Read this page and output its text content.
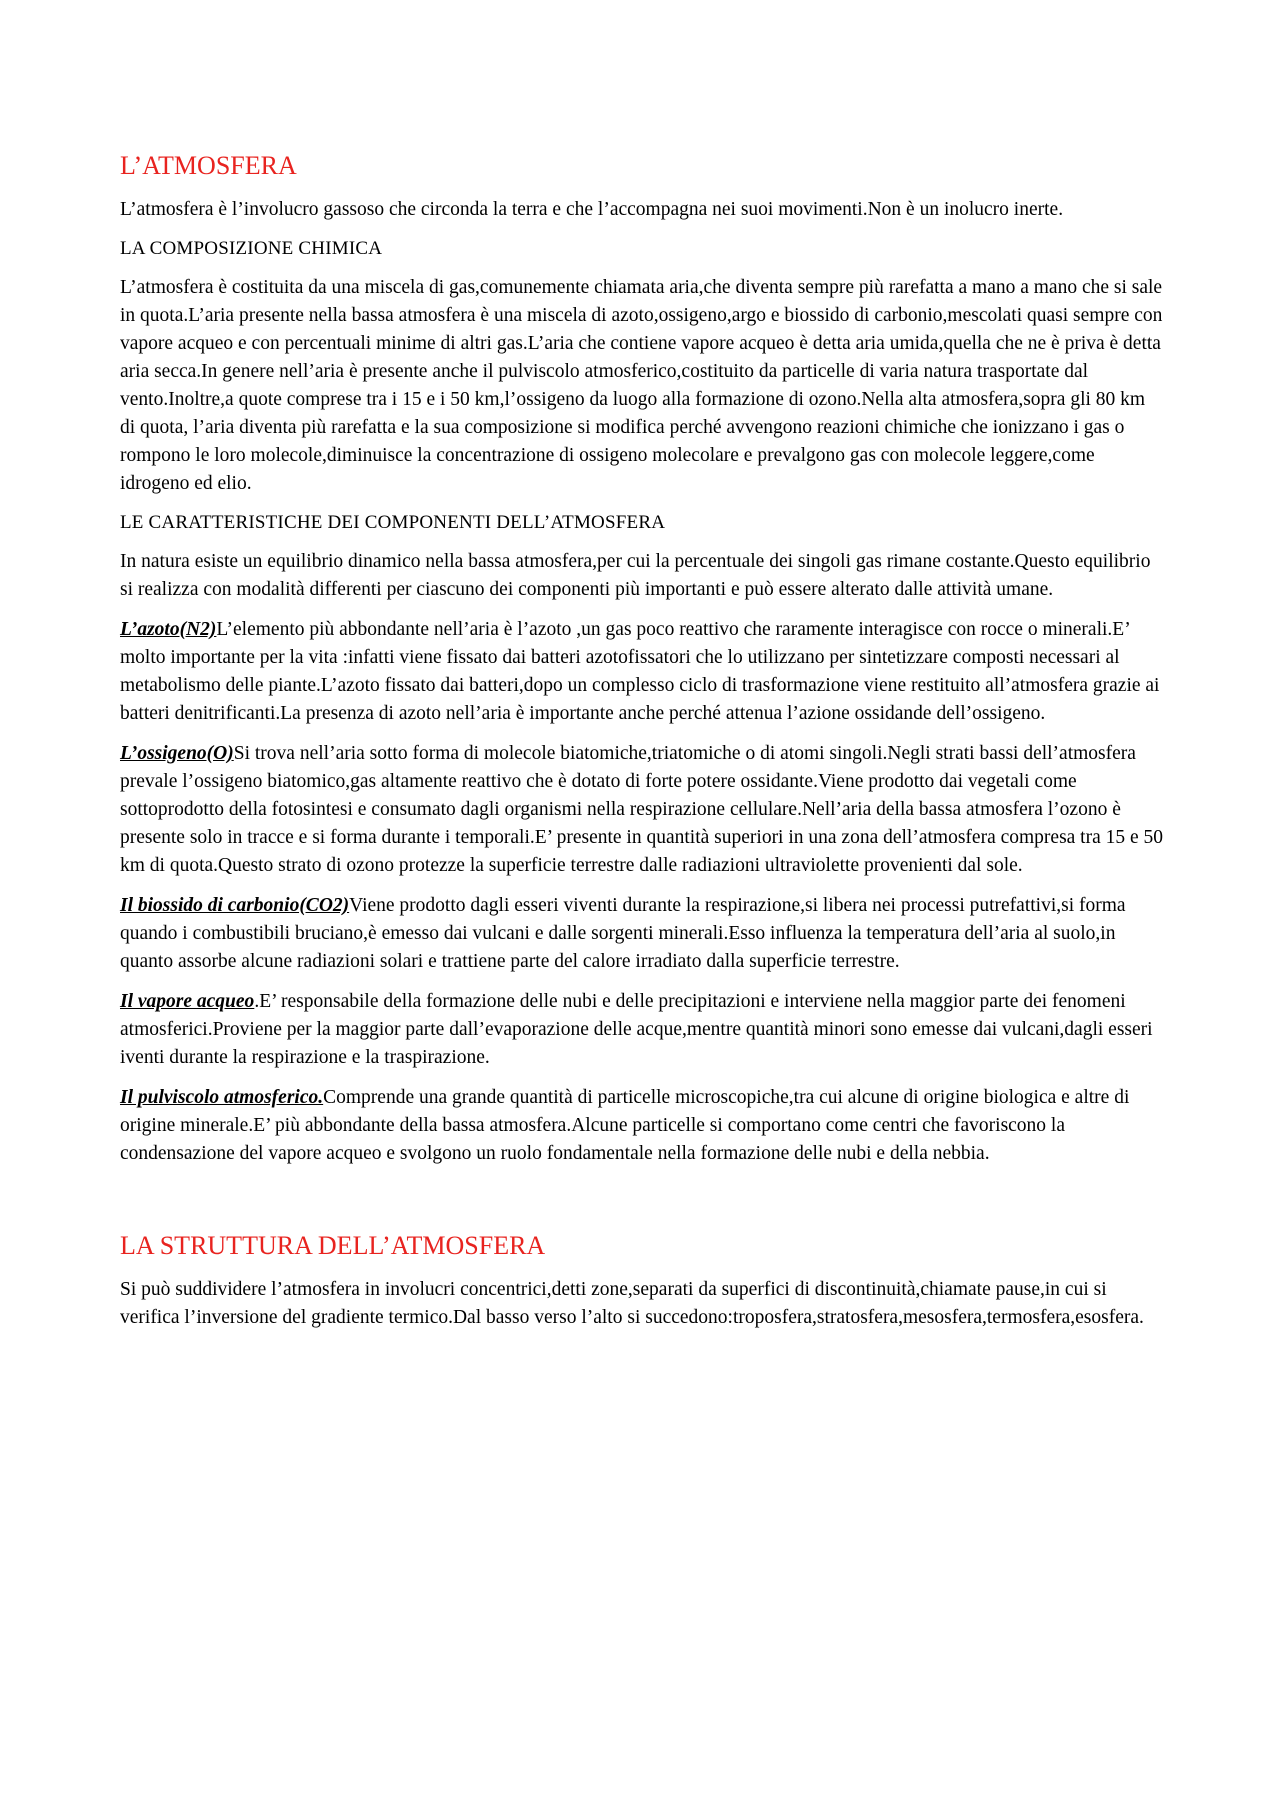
L’ATMOSFERA

L’atmosfera è l’involucro gassoso che circonda la terra e che l’accompagna nei suoi movimenti.Non è un inolucro inerte.

LA COMPOSIZIONE CHIMICA

L’atmosfera è costituita da una miscela di gas,comunemente chiamata aria,che diventa sempre più rarefatta a mano a mano che si sale in quota.L’aria presente nella bassa atmosfera è una miscela di azoto,ossigeno,argo e biossido di carbonio,mescolati quasi sempre con vapore acqueo e con percentuali minime di altri gas.L’aria che contiene vapore acqueo è detta aria umida,quella che ne è priva è detta aria secca.In genere nell’aria è presente anche il pulviscolo atmosferico,costituito da particelle di varia natura trasportate dal vento.Inoltre,a quote comprese tra i 15 e i 50 km,l’ossigeno da luogo alla formazione di ozono.Nella alta atmosfera,sopra gli 80 km di quota, l’aria diventa più rarefatta e la sua composizione si modifica perché avvengono reazioni chimiche che ionizzano i gas o rompono le loro molecole,diminuisce la concentrazione di ossigeno molecolare e prevalgono gas con molecole leggere,come idrogeno ed elio.

LE CARATTERISTICHE DEI COMPONENTI DELL’ATMOSFERA

In natura esiste un equilibrio dinamico nella bassa atmosfera,per cui la percentuale dei singoli gas rimane costante.Questo equilibrio si realizza con modalità differenti per ciascuno dei componenti più importanti e può essere alterato dalle attività umane.

L’azoto(N2)L’elemento più abbondante nell’aria è l’azoto ,un gas poco reattivo che raramente interagisce con rocce o minerali.E’ molto importante per la vita :infatti viene fissato dai batteri azotofissatori che lo utilizzano per sintetizzare composti necessari al metabolismo delle piante.L’azoto fissato dai batteri,dopo un complesso ciclo di trasformazione viene restituito all’atmosfera grazie ai batteri denitrificanti.La presenza di azoto nell’aria è importante anche perché attenua l’azione ossidande dell’ossigeno.

L’ossigeno(O)Si trova nell’aria sotto forma di molecole biatomiche,triatomiche o di atomi singoli.Negli strati bassi dell’atmosfera prevale l’ossigeno biatomico,gas altamente reattivo che è dotato di forte potere ossidante.Viene prodotto dai vegetali come sottoprodotto della fotosintesi e consumato dagli organismi nella respirazione cellulare.Nell’aria della bassa atmosfera l’ozono è presente solo in tracce e si forma durante i temporali.E’ presente in quantità superiori in una zona dell’atmosfera compresa tra 15 e 50 km di quota.Questo strato di ozono protezze la superficie terrestre dalle radiazioni ultraviolette provenienti dal sole.

Il biossido di carbonio(CO2)Viene prodotto dagli esseri viventi durante la respirazione,si libera nei processi putrefattivi,si forma quando i combustibili bruciano,è emesso dai vulcani e dalle sorgenti minerali.Esso influenza la temperatura dell’aria al suolo,in quanto assorbe alcune radiazioni solari e trattiene parte del calore irradiato dalla superficie terrestre.

Il vapore acqueo.E’ responsabile della formazione delle nubi e delle precipitazioni e interviene nella maggior parte dei fenomeni atmosferici.Proviene per la maggior parte dall’evaporazione delle acque,mentre quantità minori sono emesse dai vulcani,dagli esseri iventi durante la respirazione e la traspirazione.

Il pulviscolo atmosferico.Comprende una grande quantità di particelle microscopiche,tra cui alcune di origine biologica e altre di origine minerale.E’ più abbondante della bassa atmosfera.Alcune particelle si comportano come centri che favoriscono la condensazione del vapore acqueo e svolgono un ruolo fondamentale nella formazione delle nubi e della nebbia.

LA STRUTTURA DELL’ATMOSFERA

Si può suddividere l’atmosfera in involucri concentrici,detti zone,separati da superfici di discontinuità,chiamate pause,in cui si verifica l’inversione del gradiente termico.Dal basso verso l’alto si succedono:troposfera,stratosfera,mesosfera,termosfera,esosfera.
